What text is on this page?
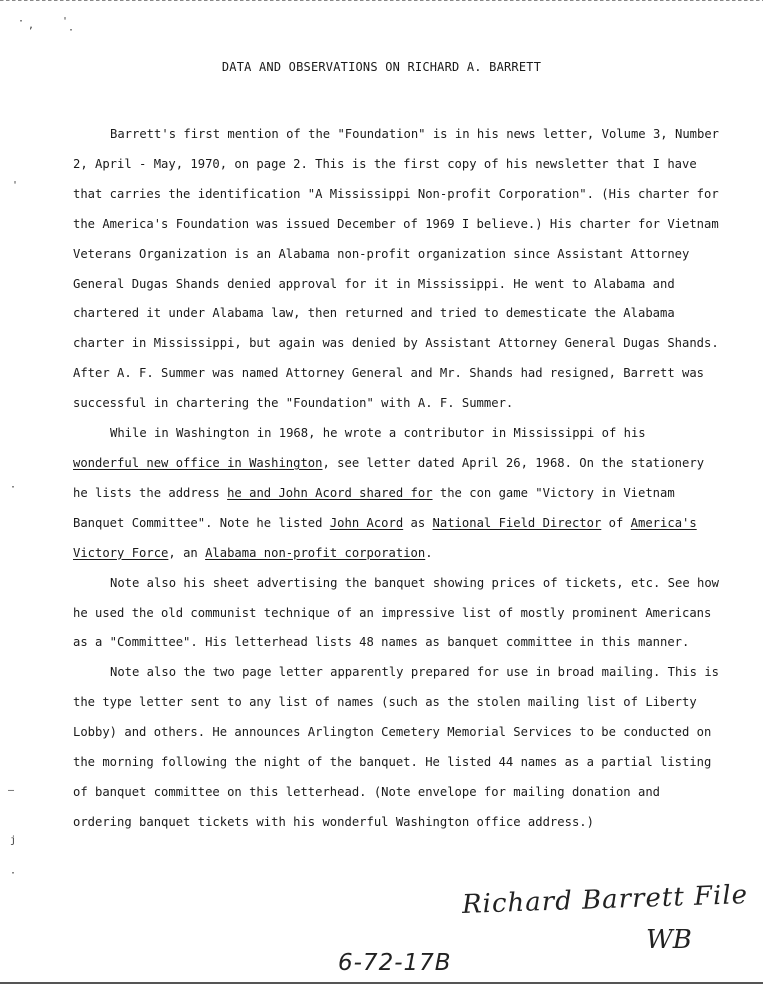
· ,	'
·
'
·
—
j
·
DATA AND OBSERVATIONS ON RICHARD A. BARRETT

Barrett's first mention of the "Foundation" is in his news letter, Volume 3, Number 2, April - May, 1970, on page 2. This is the first copy of his newsletter that I have that carries the identification "A Mississippi Non-profit Corporation". (His charter for the America's Foundation was issued December of 1969 I believe.) His charter for Vietnam Veterans Organization is an Alabama non-profit organization since Assistant Attorney General Dugas Shands denied approval for it in Mississippi. He went to Alabama and chartered it under Alabama law, then returned and tried to demesticate the Alabama charter in Mississippi, but again was denied by Assistant Attorney General Dugas Shands. After A. F. Summer was named Attorney General and Mr. Shands had resigned, Barrett was successful in chartering the "Foundation" with A. F. Summer.

While in Washington in 1968, he wrote a contributor in Mississippi of his
wonderful new office in Washington, see letter dated April 26, 1968. On the stationery he lists the address he and John Acord shared for the con game "Victory in Vietnam Banquet Committee". Note he listed John Acord as National Field Director of America's Victory Force, an Alabama non-profit corporation.

Note also his sheet advertising the banquet showing prices of tickets, etc. See how he used the old communist technique of an impressive list of mostly prominent Americans as a "Committee". His letterhead lists 48 names as banquet committee in this manner.

Note also the two page letter apparently prepared for use in broad mailing. This is the type letter sent to any list of names (such as the stolen mailing list of Liberty Lobby) and others. He announces Arlington Cemetery Memorial Services to be conducted on the morning following the night of the banquet. He listed 44 names as a partial listing of banquet committee on this letterhead. (Note envelope for mailing donation and ordering banquet tickets with his wonderful Washington office address.)

Richard Barrett File
WB
6-72-17B
